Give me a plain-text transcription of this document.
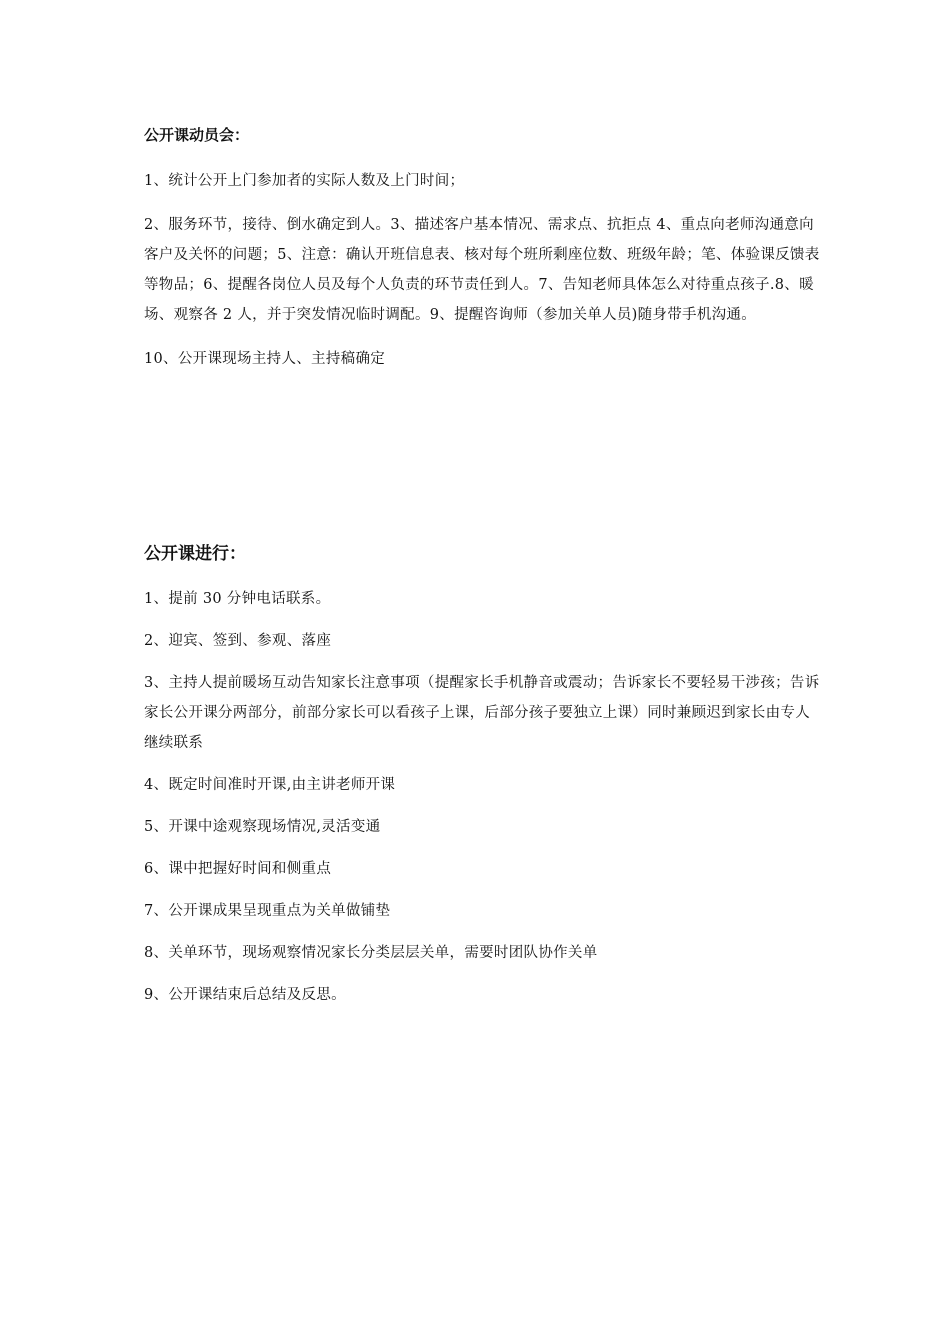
公开课动员会：

1、统计公开上门参加者的实际人数及上门时间；

2、服务环节，接待、倒水确定到人。3、描述客户基本情况、需求点、抗拒点 4、重点向老师沟通意向客户及关怀的问题；5、注意：确认开班信息表、核对每个班所剩座位数、班级年龄；笔、体验课反馈表等物品；6、提醒各岗位人员及每个人负责的环节责任到人。7、告知老师具体怎么对待重点孩子.8、暖场、观察各 2 人，并于突发情况临时调配。9、提醒咨询师（参加关单人员)随身带手机沟通。

10、公开课现场主持人、主持稿确定

公开课进行：

1、提前 30 分钟电话联系。

2、迎宾、签到、参观、落座

3、主持人提前暖场互动告知家长注意事项（提醒家长手机静音或震动；告诉家长不要轻易干涉孩；告诉家长公开课分两部分，前部分家长可以看孩子上课，后部分孩子要独立上课）同时兼顾迟到家长由专人继续联系

4、既定时间准时开课,由主讲老师开课

5、开课中途观察现场情况,灵活变通

6、课中把握好时间和侧重点

7、公开课成果呈现重点为关单做铺垫

8、关单环节，现场观察情况家长分类层层关单，需要时团队协作关单

9、公开课结束后总结及反思。
